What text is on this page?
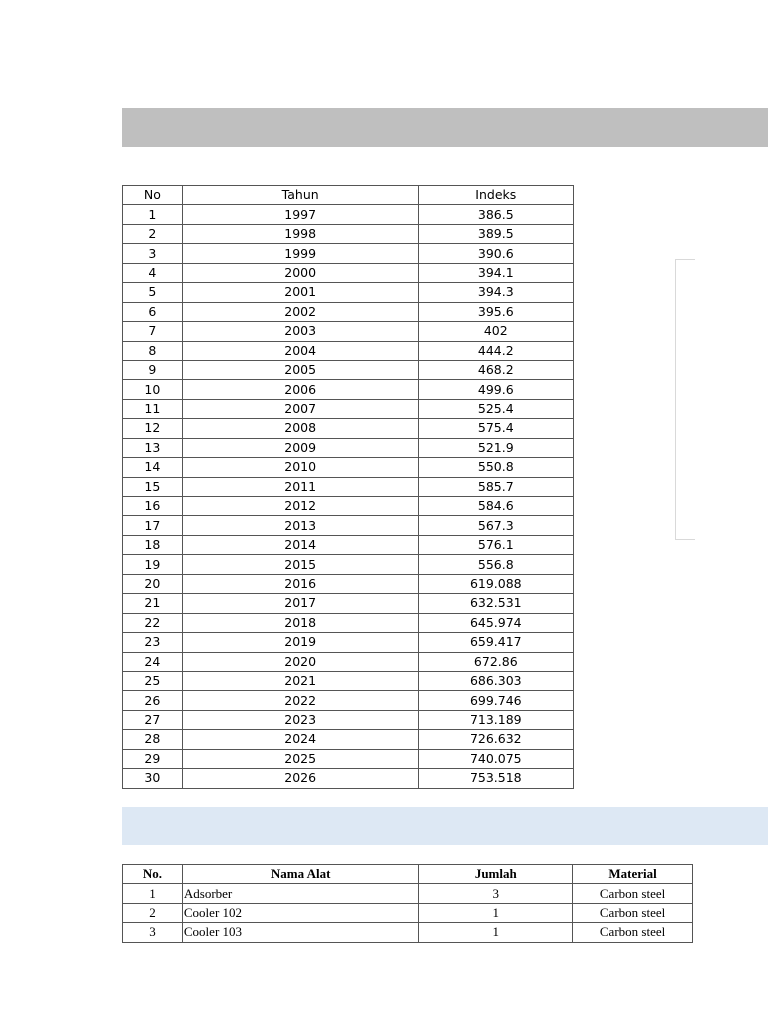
No	Tahun	Indeks
1	1997	386.5
2	1998	389.5
3	1999	390.6
4	2000	394.1
5	2001	394.3
6	2002	395.6
7	2003	402
8	2004	444.2
9	2005	468.2
10	2006	499.6
11	2007	525.4
12	2008	575.4
13	2009	521.9
14	2010	550.8
15	2011	585.7
16	2012	584.6
17	2013	567.3
18	2014	576.1
19	2015	556.8
20	2016	619.088
21	2017	632.531
22	2018	645.974
23	2019	659.417
24	2020	672.86
25	2021	686.303
26	2022	699.746
27	2023	713.189
28	2024	726.632
29	2025	740.075
30	2026	753.518
No.	Nama Alat	Jumlah	Material
1	Adsorber	3	Carbon steel
2	Cooler 102	1	Carbon steel
3	Cooler 103	1	Carbon steel
